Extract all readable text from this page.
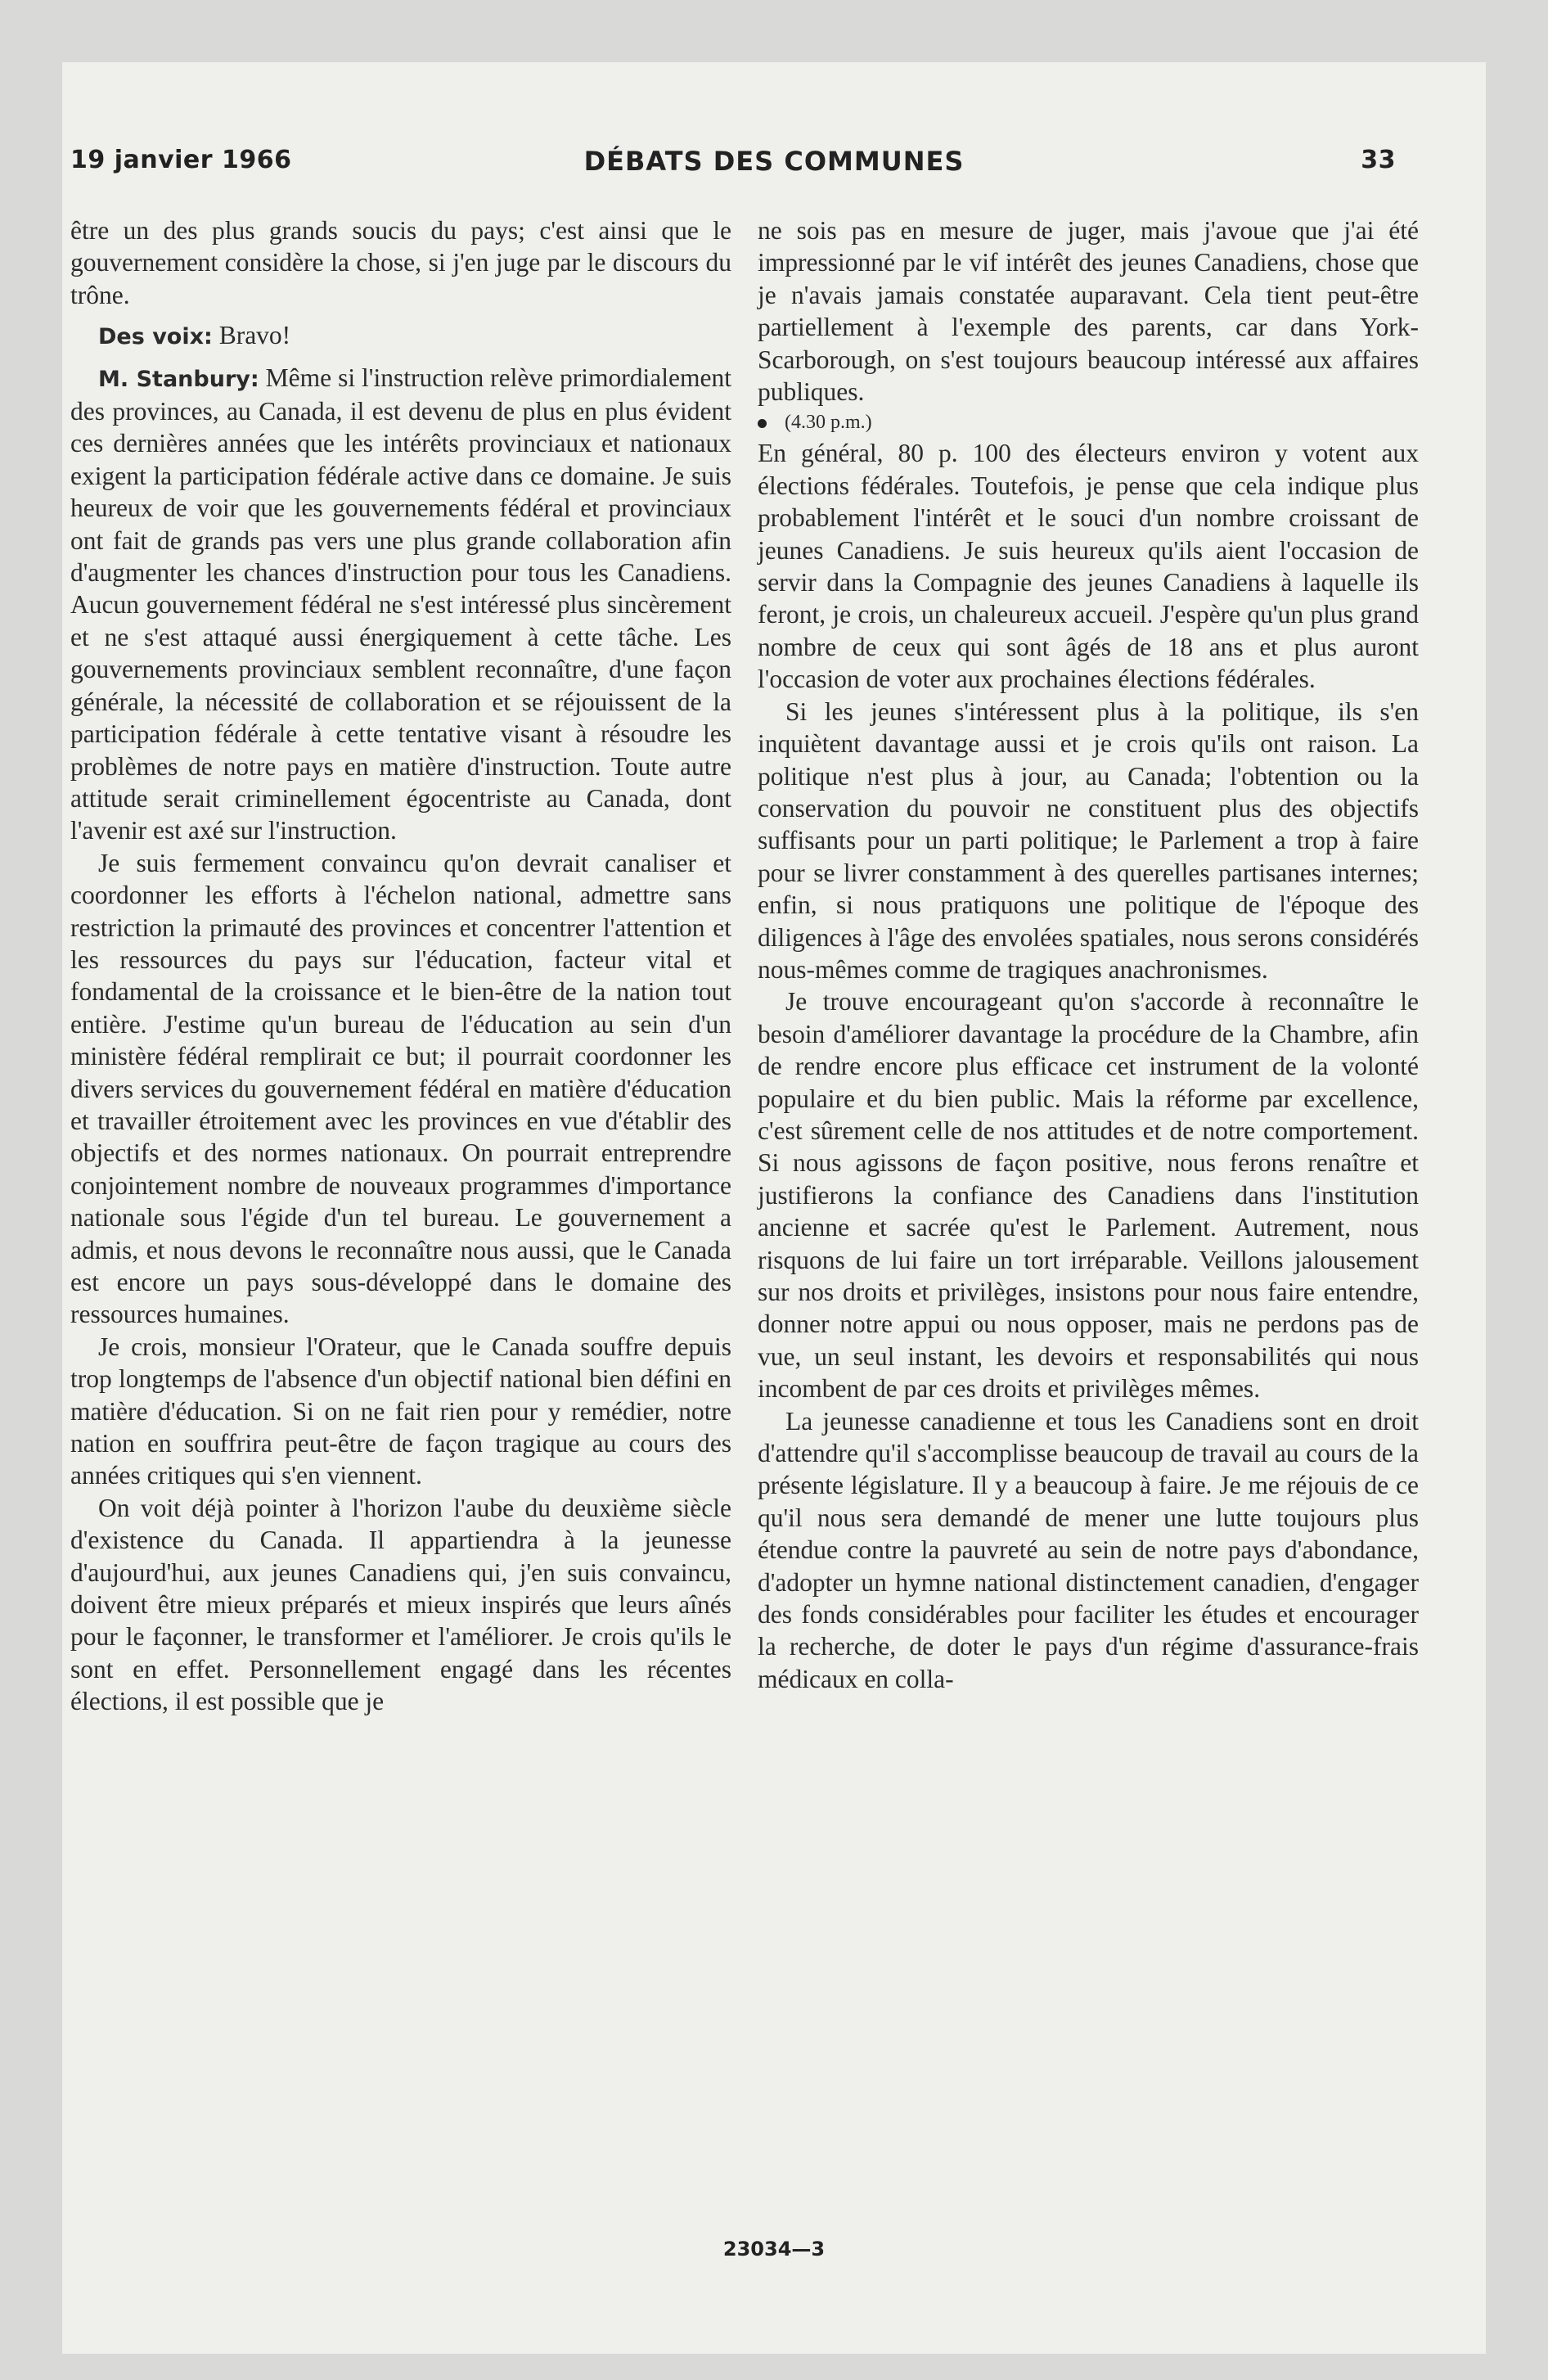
19 janvier 1966	DÉBATS DES COMMUNES	33

être un des plus grands soucis du pays; c'est ainsi que le gouvernement considère la chose, si j'en juge par le discours du trône.

Des voix: Bravo!

M. Stanbury: Même si l'instruction relève primordialement des provinces, au Canada, il est devenu de plus en plus évident ces dernières années que les intérêts provinciaux et nationaux exigent la participation fédérale active dans ce domaine. Je suis heureux de voir que les gouvernements fédéral et provinciaux ont fait de grands pas vers une plus grande collaboration afin d'augmenter les chances d'instruction pour tous les Canadiens. Aucun gouvernement fédéral ne s'est intéressé plus sincèrement et ne s'est attaqué aussi énergiquement à cette tâche. Les gouvernements provinciaux semblent reconnaître, d'une façon générale, la nécessité de collaboration et se réjouissent de la participation fédérale à cette tentative visant à résoudre les problèmes de notre pays en matière d'instruction. Toute autre attitude serait criminellement égocentriste au Canada, dont l'avenir est axé sur l'instruction.

Je suis fermement convaincu qu'on devrait canaliser et coordonner les efforts à l'échelon national, admettre sans restriction la primauté des provinces et concentrer l'attention et les ressources du pays sur l'éducation, facteur vital et fondamental de la croissance et le bien-être de la nation tout entière. J'estime qu'un bureau de l'éducation au sein d'un ministère fédéral remplirait ce but; il pourrait coordonner les divers services du gouvernement fédéral en matière d'éducation et travailler étroitement avec les provinces en vue d'établir des objectifs et des normes nationaux. On pourrait entreprendre conjointement nombre de nouveaux programmes d'importance nationale sous l'égide d'un tel bureau. Le gouvernement a admis, et nous devons le reconnaître nous aussi, que le Canada est encore un pays sous-développé dans le domaine des ressources humaines.

Je crois, monsieur l'Orateur, que le Canada souffre depuis trop longtemps de l'absence d'un objectif national bien défini en matière d'éducation. Si on ne fait rien pour y remédier, notre nation en souffrira peut-être de façon tragique au cours des années critiques qui s'en viennent.

On voit déjà pointer à l'horizon l'aube du deuxième siècle d'existence du Canada. Il appartiendra à la jeunesse d'aujourd'hui, aux jeunes Canadiens qui, j'en suis convaincu, doivent être mieux préparés et mieux inspirés que leurs aînés pour le façonner, le transformer et l'améliorer. Je crois qu'ils le sont en effet. Personnellement engagé dans les récentes élections, il est possible que je

ne sois pas en mesure de juger, mais j'avoue que j'ai été impressionné par le vif intérêt des jeunes Canadiens, chose que je n'avais jamais constatée auparavant. Cela tient peut-être partiellement à l'exemple des parents, car dans York-Scarborough, on s'est toujours beaucoup intéressé aux affaires publiques.

(4.30 p.m.)

En général, 80 p. 100 des électeurs environ y votent aux élections fédérales. Toutefois, je pense que cela indique plus probablement l'intérêt et le souci d'un nombre croissant de jeunes Canadiens. Je suis heureux qu'ils aient l'occasion de servir dans la Compagnie des jeunes Canadiens à laquelle ils feront, je crois, un chaleureux accueil. J'espère qu'un plus grand nombre de ceux qui sont âgés de 18 ans et plus auront l'occasion de voter aux prochaines élections fédérales.

Si les jeunes s'intéressent plus à la politique, ils s'en inquiètent davantage aussi et je crois qu'ils ont raison. La politique n'est plus à jour, au Canada; l'obtention ou la conservation du pouvoir ne constituent plus des objectifs suffisants pour un parti politique; le Parlement a trop à faire pour se livrer constamment à des querelles partisanes internes; enfin, si nous pratiquons une politique de l'époque des diligences à l'âge des envolées spatiales, nous serons considérés nous-mêmes comme de tragiques anachronismes.

Je trouve encourageant qu'on s'accorde à reconnaître le besoin d'améliorer davantage la procédure de la Chambre, afin de rendre encore plus efficace cet instrument de la volonté populaire et du bien public. Mais la réforme par excellence, c'est sûrement celle de nos attitudes et de notre comportement. Si nous agissons de façon positive, nous ferons renaître et justifierons la confiance des Canadiens dans l'institution ancienne et sacrée qu'est le Parlement. Autrement, nous risquons de lui faire un tort irréparable. Veillons jalousement sur nos droits et privilèges, insistons pour nous faire entendre, donner notre appui ou nous opposer, mais ne perdons pas de vue, un seul instant, les devoirs et responsabilités qui nous incombent de par ces droits et privilèges mêmes.

La jeunesse canadienne et tous les Canadiens sont en droit d'attendre qu'il s'accomplisse beaucoup de travail au cours de la présente législature. Il y a beaucoup à faire. Je me réjouis de ce qu'il nous sera demandé de mener une lutte toujours plus étendue contre la pauvreté au sein de notre pays d'abondance, d'adopter un hymne national distinctement canadien, d'engager des fonds considérables pour faciliter les études et encourager la recherche, de doter le pays d'un régime d'assurance-frais médicaux en colla-

23034—3
